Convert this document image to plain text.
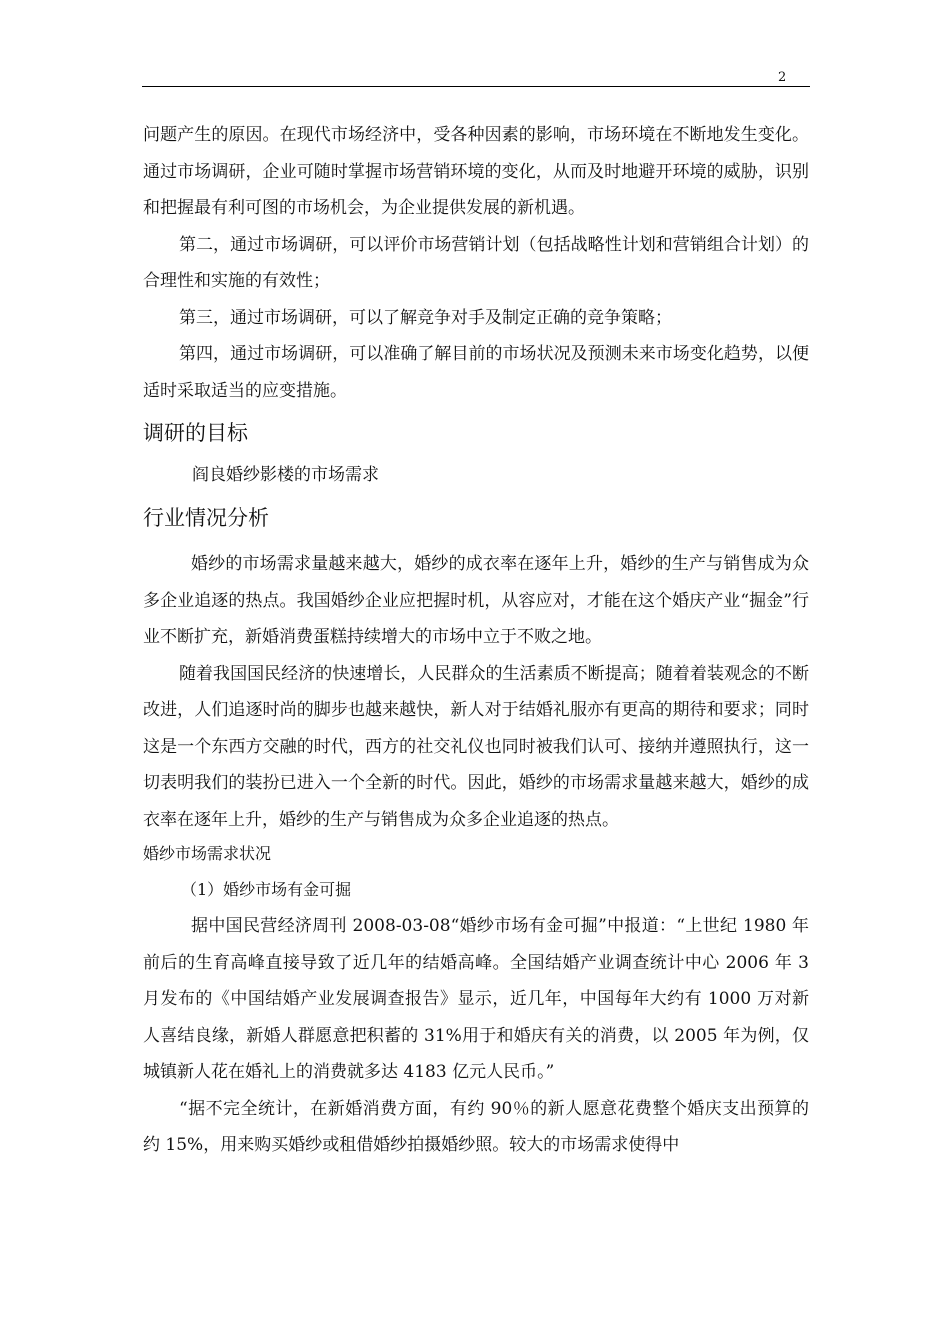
2

问题产生的原因。在现代市场经济中，受各种因素的影响，市场环境在不断地发生变化。通过市场调研，企业可随时掌握市场营销环境的变化，从而及时地避开环境的威胁，识别和把握最有利可图的市场机会，为企业提供发展的新机遇。

第二，通过市场调研，可以评价市场营销计划（包括战略性计划和营销组合计划）的合理性和实施的有效性；

第三，通过市场调研，可以了解竞争对手及制定正确的竞争策略；

第四，通过市场调研，可以准确了解目前的市场状况及预测未来市场变化趋势，以便适时采取适当的应变措施。

调研的目标
阎良婚纱影楼的市场需求
行业情况分析

婚纱的市场需求量越来越大，婚纱的成衣率在逐年上升，婚纱的生产与销售成为众多企业追逐的热点。我国婚纱企业应把握时机，从容应对，才能在这个婚庆产业“掘金”行业不断扩充，新婚消费蛋糕持续增大的市场中立于不败之地。

随着我国国民经济的快速增长，人民群众的生活素质不断提高；随着着装观念的不断改进，人们追逐时尚的脚步也越来越快，新人对于结婚礼服亦有更高的期待和要求；同时这是一个东西方交融的时代，西方的社交礼仪也同时被我们认可、接纳并遵照执行，这一切表明我们的装扮已进入一个全新的时代。因此，婚纱的市场需求量越来越大，婚纱的成衣率在逐年上升，婚纱的生产与销售成为众多企业追逐的热点。

婚纱市场需求状况
（1）婚纱市场有金可掘

据中国民营经济周刊 2008-03-08“婚纱市场有金可掘”中报道：“上世纪 1980 年前后的生育高峰直接导致了近几年的结婚高峰。全国结婚产业调查统计中心 2006 年 3 月发布的《中国结婚产业发展调查报告》显示，近几年，中国每年大约有 1000 万对新人喜结良缘，新婚人群愿意把积蓄的 31%用于和婚庆有关的消费，以 2005 年为例，仅城镇新人花在婚礼上的消费就多达 4183 亿元人民币。”

“据不完全统计，在新婚消费方面，有约 90％的新人愿意花费整个婚庆支出预算的约 15%，用来购买婚纱或租借婚纱拍摄婚纱照。较大的市场需求使得中
